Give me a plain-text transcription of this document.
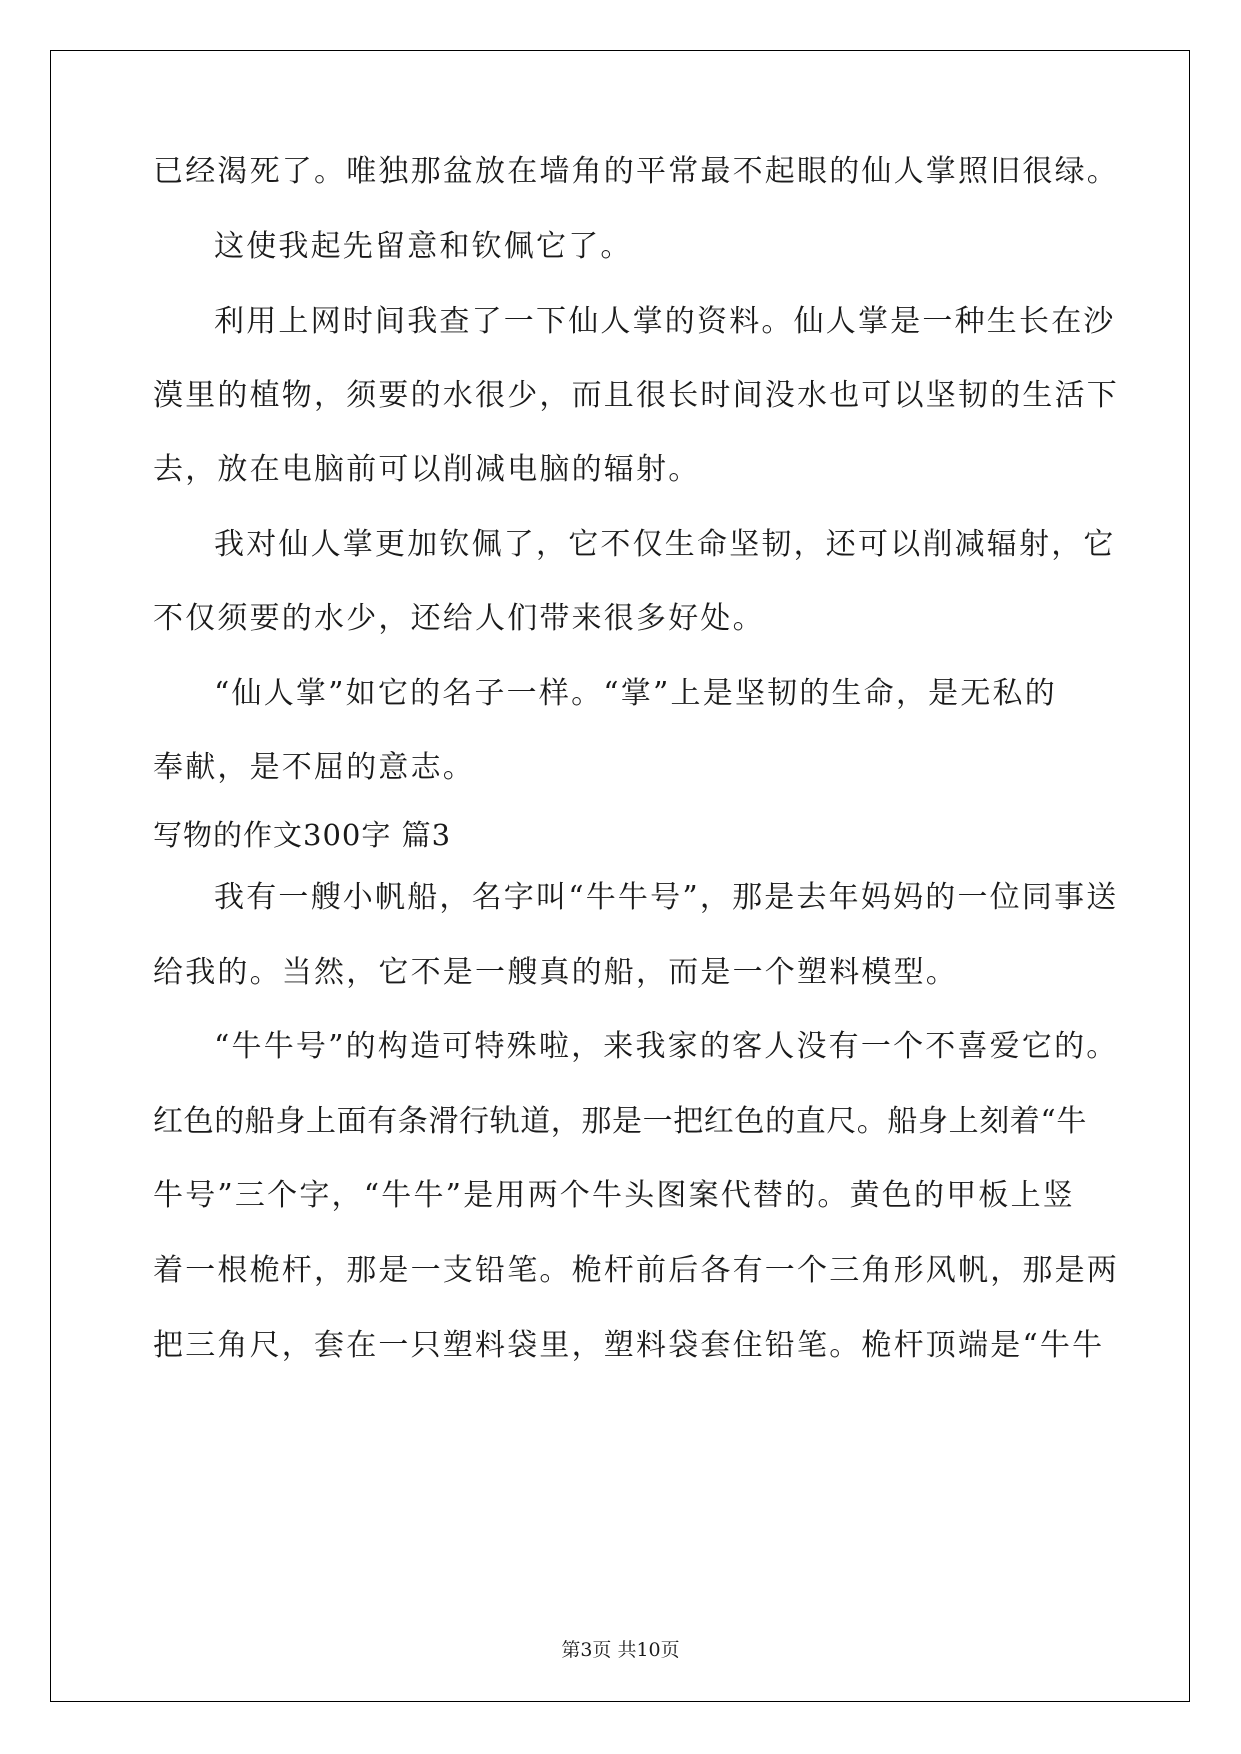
已经渴死了。唯独那盆放在墙角的平常最不起眼的仙人掌照旧很绿。
这使我起先留意和钦佩它了。
利用上网时间我查了一下仙人掌的资料。仙人掌是一种生长在沙
漠里的植物，须要的水很少，而且很长时间没水也可以坚韧的生活下
去，放在电脑前可以削减电脑的辐射。
我对仙人掌更加钦佩了，它不仅生命坚韧，还可以削减辐射，它
不仅须要的水少，还给人们带来很多好处。
“仙人掌”如它的名子一样。“掌”上是坚韧的生命，是无私的
奉献，是不屈的意志。
写物的作文300字 篇3
我有一艘小帆船，名字叫“牛牛号”，那是去年妈妈的一位同事送
给我的。当然，它不是一艘真的船，而是一个塑料模型。
“牛牛号”的构造可特殊啦，来我家的客人没有一个不喜爱它的。
红色的船身上面有条滑行轨道，那是一把红色的直尺。船身上刻着“牛
牛号”三个字，“牛牛”是用两个牛头图案代替的。黄色的甲板上竖
着一根桅杆，那是一支铅笔。桅杆前后各有一个三角形风帆，那是两
把三角尺，套在一只塑料袋里，塑料袋套住铅笔。桅杆顶端是“牛牛
第3页 共10页
